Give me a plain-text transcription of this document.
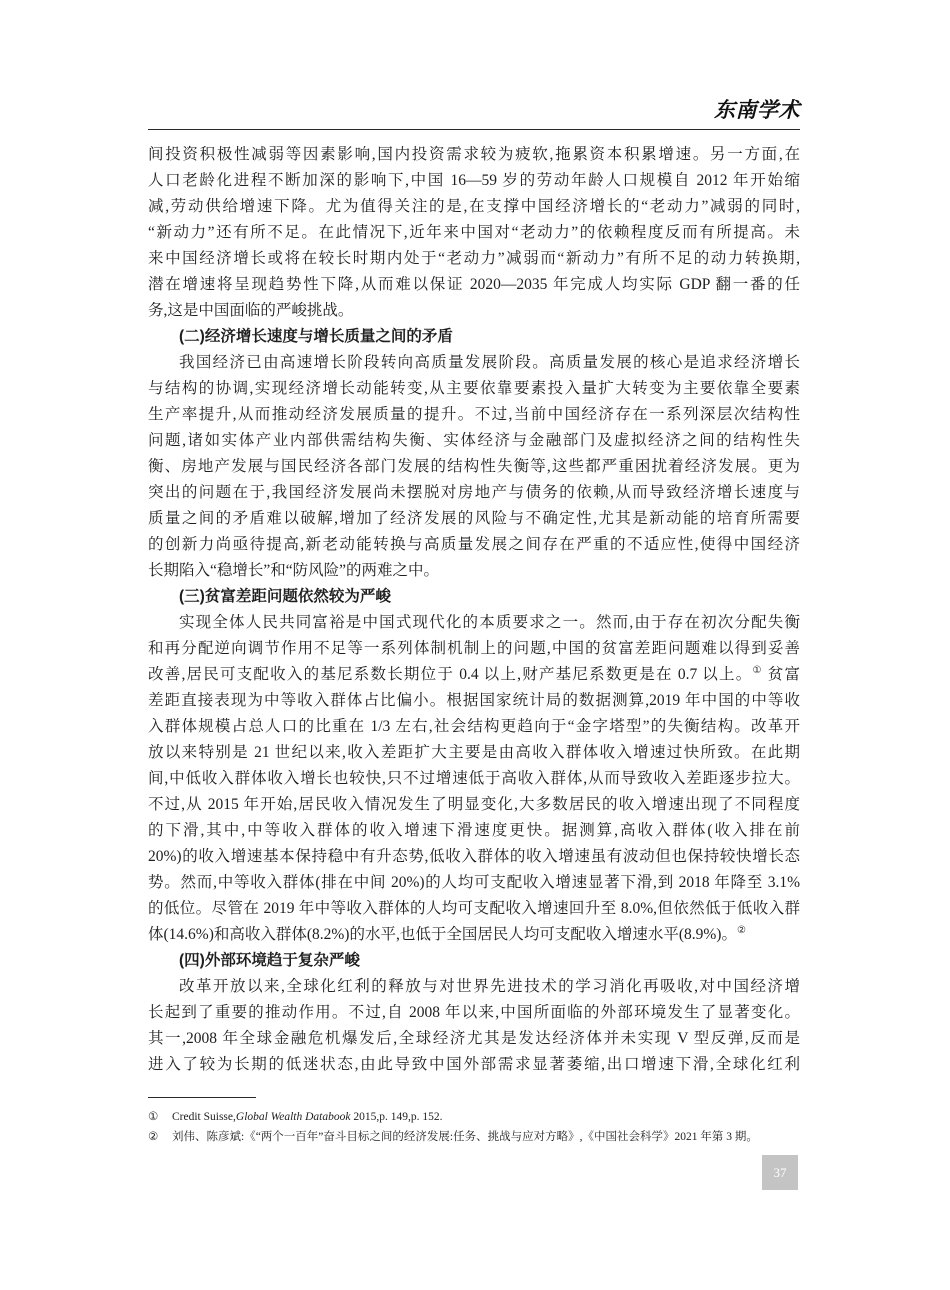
东南学术
间投资积极性减弱等因素影响,国内投资需求较为疲软,拖累资本积累增速。另一方面,在
人口老龄化进程不断加深的影响下,中国 16—59 岁的劳动年龄人口规模自 2012 年开始缩
减,劳动供给增速下降。尤为值得关注的是,在支撑中国经济增长的“老动力”减弱的同时,
“新动力”还有所不足。在此情况下,近年来中国对“老动力”的依赖程度反而有所提高。未
来中国经济增长或将在较长时期内处于“老动力”减弱而“新动力”有所不足的动力转换期,
潜在增速将呈现趋势性下降,从而难以保证 2020—2035 年完成人均实际 GDP 翻一番的任
务,这是中国面临的严峻挑战。
(二)经济增长速度与增长质量之间的矛盾
我国经济已由高速增长阶段转向高质量发展阶段。高质量发展的核心是追求经济增长
与结构的协调,实现经济增长动能转变,从主要依靠要素投入量扩大转变为主要依靠全要素
生产率提升,从而推动经济发展质量的提升。不过,当前中国经济存在一系列深层次结构性
问题,诸如实体产业内部供需结构失衡、实体经济与金融部门及虚拟经济之间的结构性失
衡、房地产发展与国民经济各部门发展的结构性失衡等,这些都严重困扰着经济发展。更为
突出的问题在于,我国经济发展尚未摆脱对房地产与债务的依赖,从而导致经济增长速度与
质量之间的矛盾难以破解,增加了经济发展的风险与不确定性,尤其是新动能的培育所需要
的创新力尚亟待提高,新老动能转换与高质量发展之间存在严重的不适应性,使得中国经济
长期陷入“稳增长”和“防风险”的两难之中。
(三)贫富差距问题依然较为严峻
实现全体人民共同富裕是中国式现代化的本质要求之一。然而,由于存在初次分配失衡
和再分配逆向调节作用不足等一系列体制机制上的问题,中国的贫富差距问题难以得到妥善
改善,居民可支配收入的基尼系数长期位于 0.4 以上,财产基尼系数更是在 0.7 以上。① 贫富
差距直接表现为中等收入群体占比偏小。根据国家统计局的数据测算,2019 年中国的中等收
入群体规模占总人口的比重在 1/3 左右,社会结构更趋向于“金字塔型”的失衡结构。改革开
放以来特别是 21 世纪以来,收入差距扩大主要是由高收入群体收入增速过快所致。在此期
间,中低收入群体收入增长也较快,只不过增速低于高收入群体,从而导致收入差距逐步拉大。
不过,从 2015 年开始,居民收入情况发生了明显变化,大多数居民的收入增速出现了不同程度
的下滑,其中,中等收入群体的收入增速下滑速度更快。据测算,高收入群体(收入排在前
20%)的收入增速基本保持稳中有升态势,低收入群体的收入增速虽有波动但也保持较快增长态
势。然而,中等收入群体(排在中间 20%)的人均可支配收入增速显著下滑,到 2018 年降至 3.1%
的低位。尽管在 2019 年中等收入群体的人均可支配收入增速回升至 8.0%,但依然低于低收入群
体(14.6%)和高收入群体(8.2%)的水平,也低于全国居民人均可支配收入增速水平(8.9%)。②
(四)外部环境趋于复杂严峻
改革开放以来,全球化红利的释放与对世界先进技术的学习消化再吸收,对中国经济增
长起到了重要的推动作用。不过,自 2008 年以来,中国所面临的外部环境发生了显著变化。
其一,2008 年全球金融危机爆发后,全球经济尤其是发达经济体并未实现 V 型反弹,反而是
进入了较为长期的低迷状态,由此导致中国外部需求显著萎缩,出口增速下滑,全球化红利
① Credit Suisse,Global Wealth Databook 2015,p. 149,p. 152.
② 刘伟、陈彦斌:《“两个一百年”奋斗目标之间的经济发展:任务、挑战与应对方略》,《中国社会科学》2021 年第 3 期。
37
